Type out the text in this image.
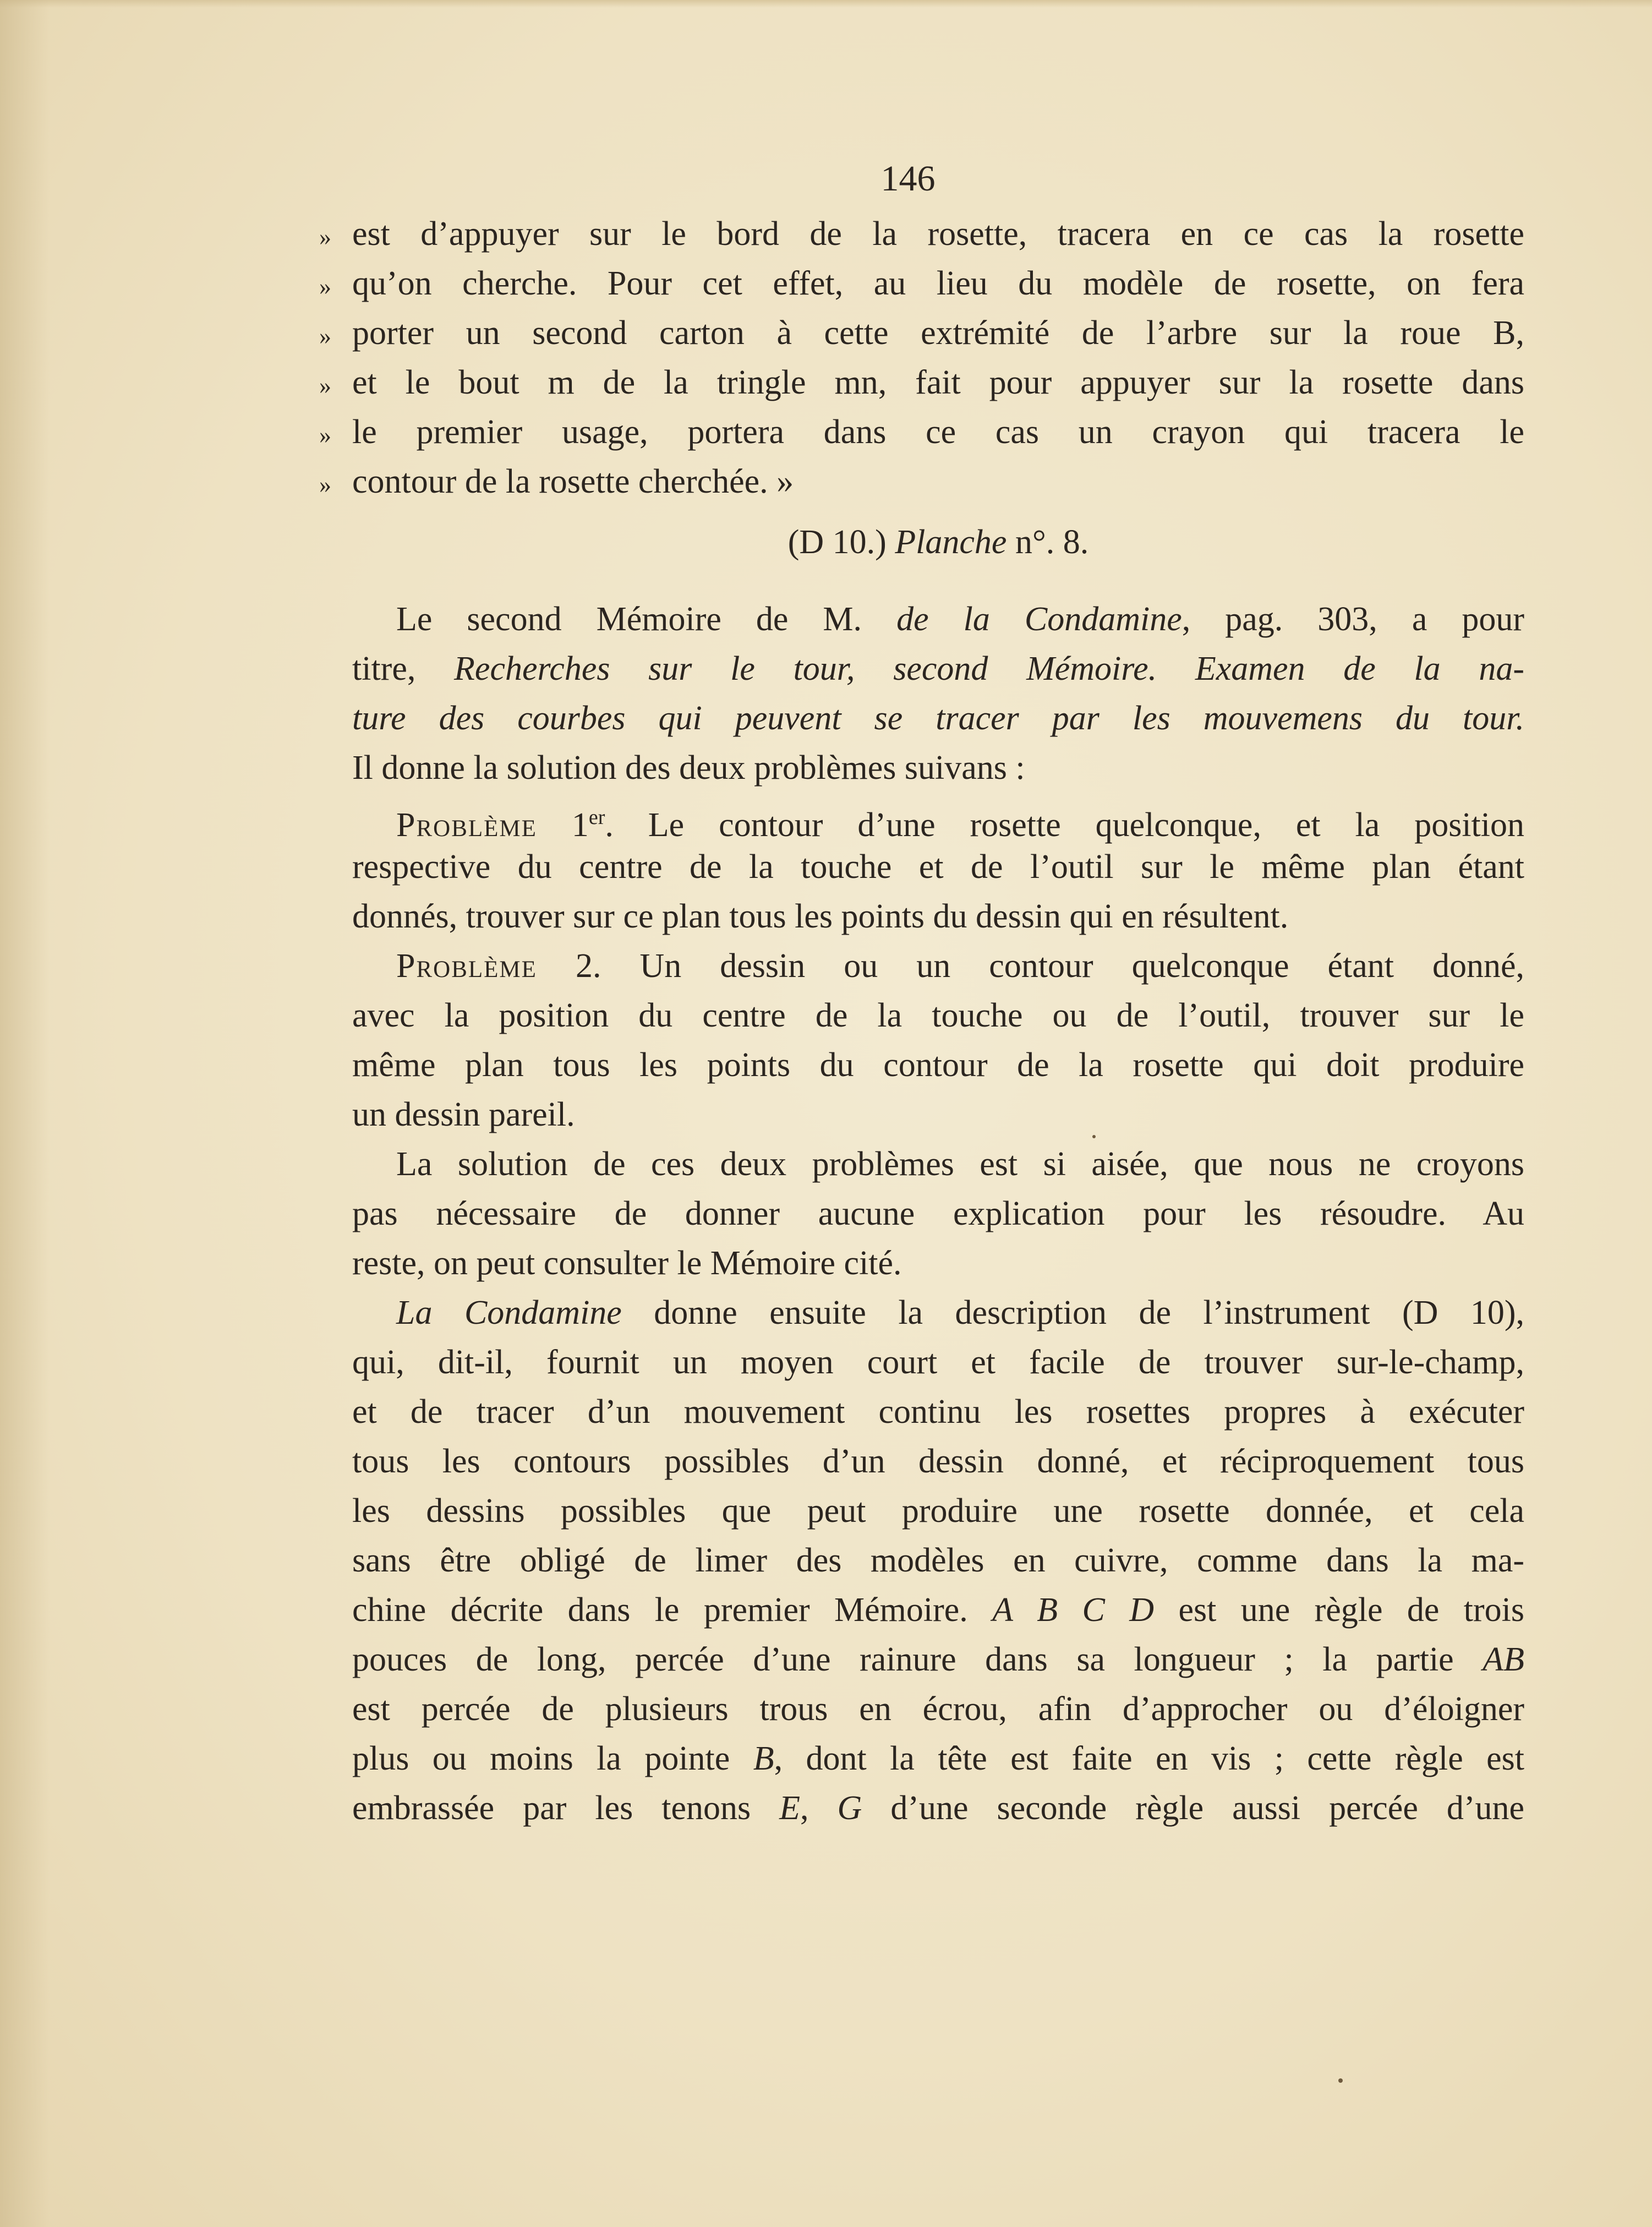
146
» est d’appuyer sur le bord de la rosette, tracera en ce cas la rosette
» qu’on cherche. Pour cet effet, au lieu du modèle de rosette, on fera
» porter un second carton à cette extrémité de l’arbre sur la roue B,
» et le bout m de la tringle mn, fait pour appuyer sur la rosette dans
» le premier usage, portera dans ce cas un crayon qui tracera le
» contour de la rosette cherchée. »
(D 10.) Planche n°. 8.
Le second Mémoire de M. de la Condamine, pag. 303, a pour
titre, Recherches sur le tour, second Mémoire. Examen de la na-
ture des courbes qui peuvent se tracer par les mouvemens du tour.
Il donne la solution des deux problèmes suivans :
Problème 1er. Le contour d’une rosette quelconque, et la position
respective du centre de la touche et de l’outil sur le même plan étant
donnés, trouver sur ce plan tous les points du dessin qui en résultent.
Problème 2. Un dessin ou un contour quelconque étant donné,
avec la position du centre de la touche ou de l’outil, trouver sur le
même plan tous les points du contour de la rosette qui doit produire
un dessin pareil.
La solution de ces deux problèmes est si aisée, que nous ne croyons
pas nécessaire de donner aucune explication pour les résoudre. Au
reste, on peut consulter le Mémoire cité.
La Condamine donne ensuite la description de l’instrument (D 10),
qui, dit-il, fournit un moyen court et facile de trouver sur-le-champ,
et de tracer d’un mouvement continu les rosettes propres à exécuter
tous les contours possibles d’un dessin donné, et réciproquement tous
les dessins possibles que peut produire une rosette donnée, et cela
sans être obligé de limer des modèles en cuivre, comme dans la ma-
chine décrite dans le premier Mémoire. A B C D est une règle de trois
pouces de long, percée d’une rainure dans sa longueur ; la partie AB
est percée de plusieurs trous en écrou, afin d’approcher ou d’éloigner
plus ou moins la pointe B, dont la tête est faite en vis ; cette règle est
embrassée par les tenons E, G d’une seconde règle aussi percée d’une
